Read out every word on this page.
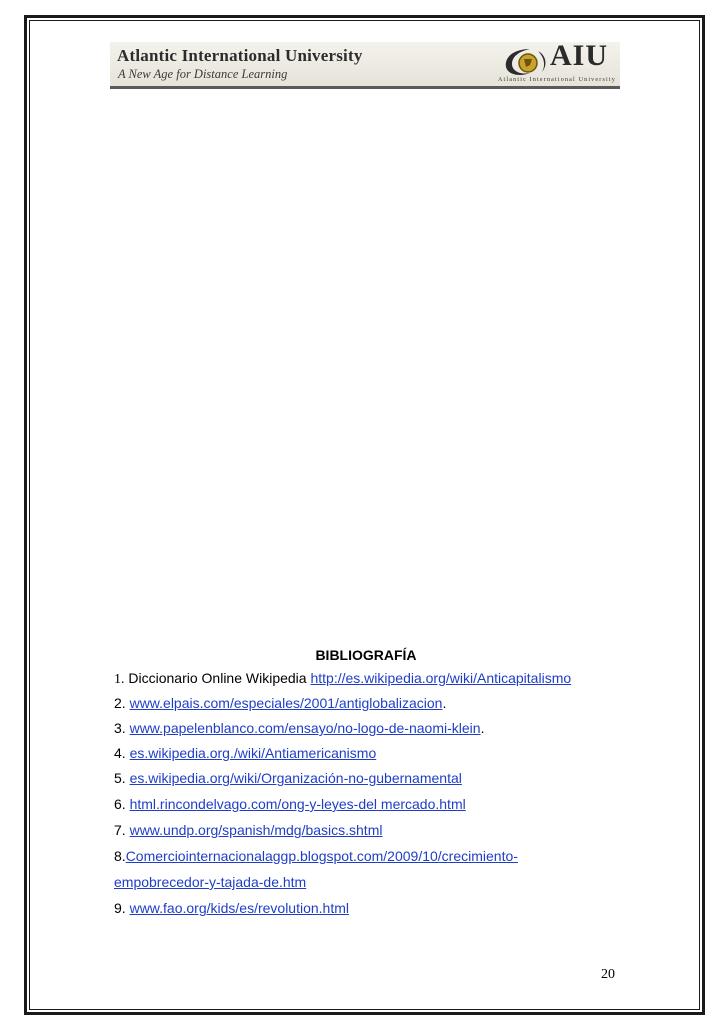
Atlantic International University
A New Age for Distance Learning
AIU
Atlantic International University
BIBLIOGRAFÍA
1. Diccionario Online Wikipedia http://es.wikipedia.org/wiki/Anticapitalismo
2. www.elpais.com/especiales/2001/antiglobalizacion.
3. www.papelenblanco.com/ensayo/no-logo-de-naomi-klein.
4. es.wikipedia.org./wiki/Antiamericanismo
5. es.wikipedia.org/wiki/Organización-no-gubernamental
6. html.rincondelvago.com/ong-y-leyes-del mercado.html
7. www.undp.org/spanish/mdg/basics.shtml
8.Comerciointernacionalaggp.blogspot.com/2009/10/crecimiento-
empobrecedor-y-tajada-de.htm
9. www.fao.org/kids/es/revolution.html
20
